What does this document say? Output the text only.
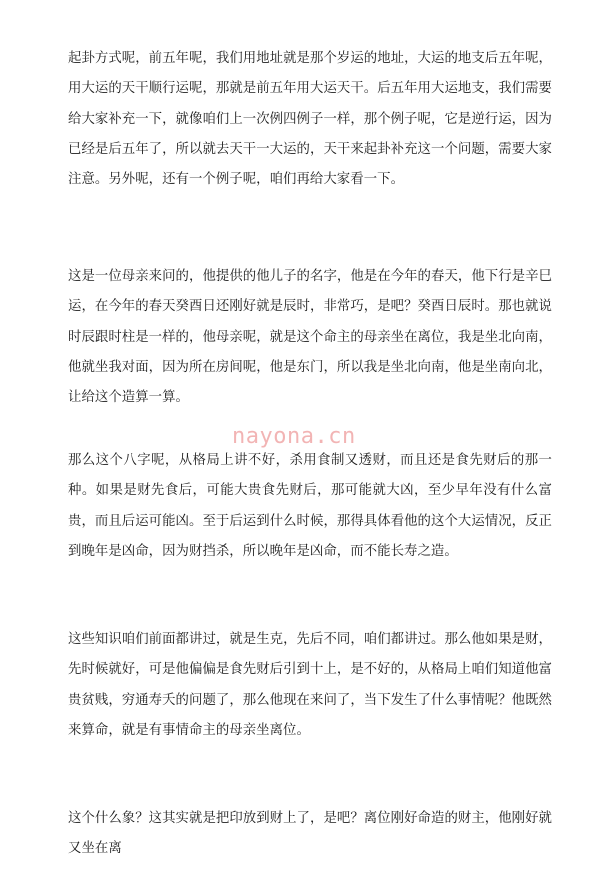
起卦方式呢，前五年呢，我们用地址就是那个岁运的地址，大运的地支后五年呢，用大运的天干顺行运呢，那就是前五年用大运天干。后五年用大运地支，我们需要给大家补充一下，就像咱们上一次例四例子一样，那个例子呢，它是逆行运，因为已经是后五年了，所以就去天干一大运的，天干来起卦补充这一个问题，需要大家注意。另外呢，还有一个例子呢，咱们再给大家看一下。

这是一位母亲来问的，他提供的他儿子的名字，他是在今年的春天，他下行是辛巳运，在今年的春天癸酉日还刚好就是辰时，非常巧，是吧？癸酉日辰时。那也就说时辰跟时柱是一样的，他母亲呢，就是这个命主的母亲坐在离位，我是坐北向南，他就坐我对面，因为所在房间呢，他是东门，所以我是坐北向南，他是坐南向北，让给这个造算一算。

那么这个八字呢，从格局上讲不好，杀用食制又透财，而且还是食先财后的那一种。如果是财先食后，可能大贵食先财后，那可能就大凶，至少早年没有什么富贵，而且后运可能凶。至于后运到什么时候，那得具体看他的这个大运情况，反正到晚年是凶命，因为财挡杀，所以晚年是凶命，而不能长寿之造。

这些知识咱们前面都讲过，就是生克，先后不同，咱们都讲过。那么他如果是财，先时候就好，可是他偏偏是食先财后引到十上，是不好的，从格局上咱们知道他富贵贫贱，穷通寿夭的问题了，那么他现在来问了，当下发生了什么事情呢？他既然来算命，就是有事情命主的母亲坐离位。

这个什么象？这其实就是把印放到财上了，是吧？离位刚好命造的财主，他刚好就又坐在离

nayona.cn
